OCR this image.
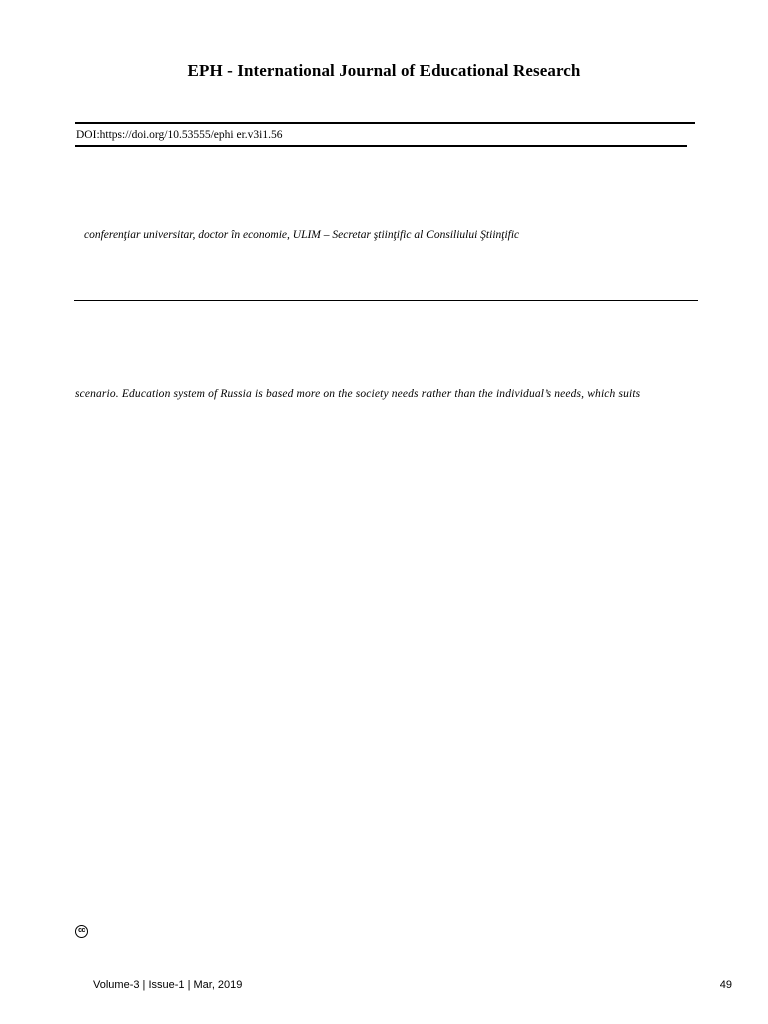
EPH - International Journal of Educational Research
DOI:https://doi.org/10.53555/ephi er.v3i1.56
conferenţiar universitar, doctor în economie, ULIM – Secretar ştiinţific al Consiliului Ştiinţific
scenario. Education system of Russia is based more on the society needs rather than the individual’s needs, which suits
cc
Volume-3 | Issue-1 | Mar, 2019	49
